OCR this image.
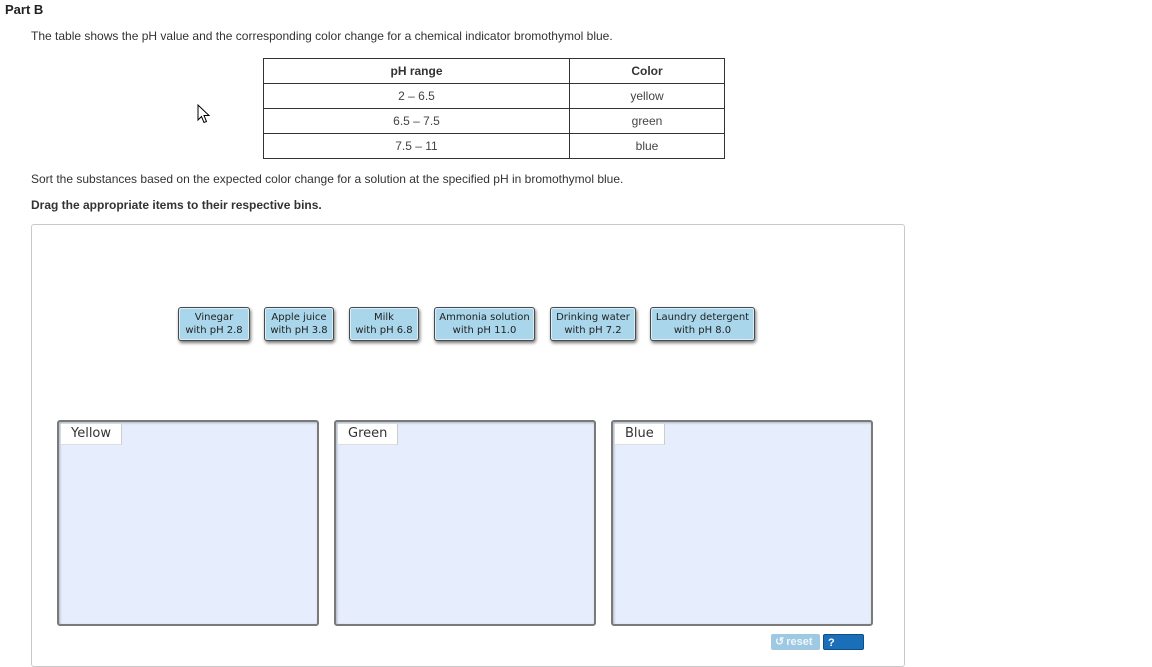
Part B
The table shows the pH value and the corresponding color change for a chemical indicator bromothymol blue.
pH range	Color
2 – 6.5	yellow
6.5 – 7.5	green
7.5 – 11	blue
Sort the substances based on the expected color change for a solution at the specified pH in bromothymol blue.
Drag the appropriate items to their respective bins.
Vinegar
with pH 2.8
Apple juice
with pH 3.8
Milk
with pH 6.8
Ammonia solution
with pH 11.0
Drinking water
with pH 7.2
Laundry detergent
with pH 8.0
Yellow	Green	Blue
↺ reset	?help
